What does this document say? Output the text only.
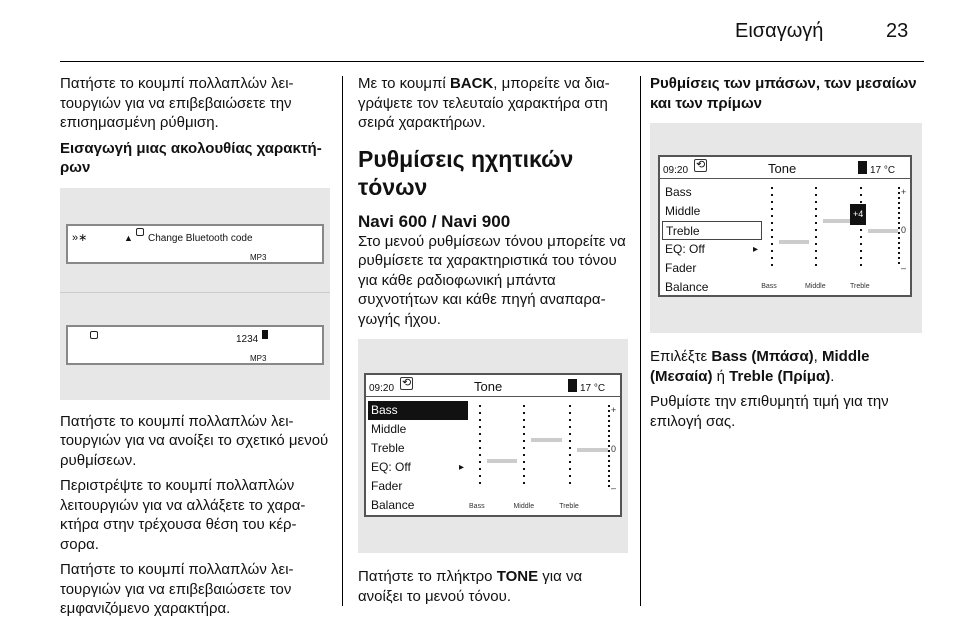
Εισαγωγή	23

Πατήστε το κουμπί πολλαπλών λειτουργιών για να επιβεβαιώσετε την επισημασμένη ρύθμιση.

Εισαγωγή μιας ακολουθίας χαρακτήρων

»∗	▲ Change Bluetooth code
MP3
1234
MP3

Πατήστε το κουμπί πολλαπλών λειτουργιών για να ανοίξει το σχετικό μενού ρυθμίσεων.

Περιστρέψτε το κουμπί πολλαπλών λειτουργιών για να αλλάξετε το χαρακτήρα στην τρέχουσα θέση του κέρσορα.

Πατήστε το κουμπί πολλαπλών λειτουργιών για να επιβεβαιώσετε τον εμφανιζόμενο χαρακτήρα.

Με το κουμπί BACK, μπορείτε να διαγράψετε τον τελευταίο χαρακτήρα στη σειρά χαρακτήρων.

Ρυθμίσεις ηχητικών τόνων
Navi 600 / Navi 900

Στο μενού ρυθμίσεων τόνου μπορείτε να ρυθμίσετε τα χαρακτηριστικά του τόνου για κάθε ραδιοφωνική μπάντα συχνοτήτων και κάθε πηγή αναπαραγωγής ήχου.

09:20 ⟲	Tone	17 °C
Bass
Middle
Treble
EQ: Off	▸
Fader
Balance	Bass	Middle	Treble
+
0
–

Πατήστε το πλήκτρο TONE για να ανοίξει το μενού τόνου.

Ρυθμίσεις των μπάσων, των μεσαίων και των πρίμων
09:20 ⟲	Tone	17 °C
Bass
Middle
Treble
EQ: Off	▸
Fader
Balance	Bass	Middle	Treble
+
0
–
+4

Επιλέξτε Bass (Μπάσα), Middle (Μεσαία) ή Treble (Πρίμα).

Ρυθμίστε την επιθυμητή τιμή για την επιλογή σας.
